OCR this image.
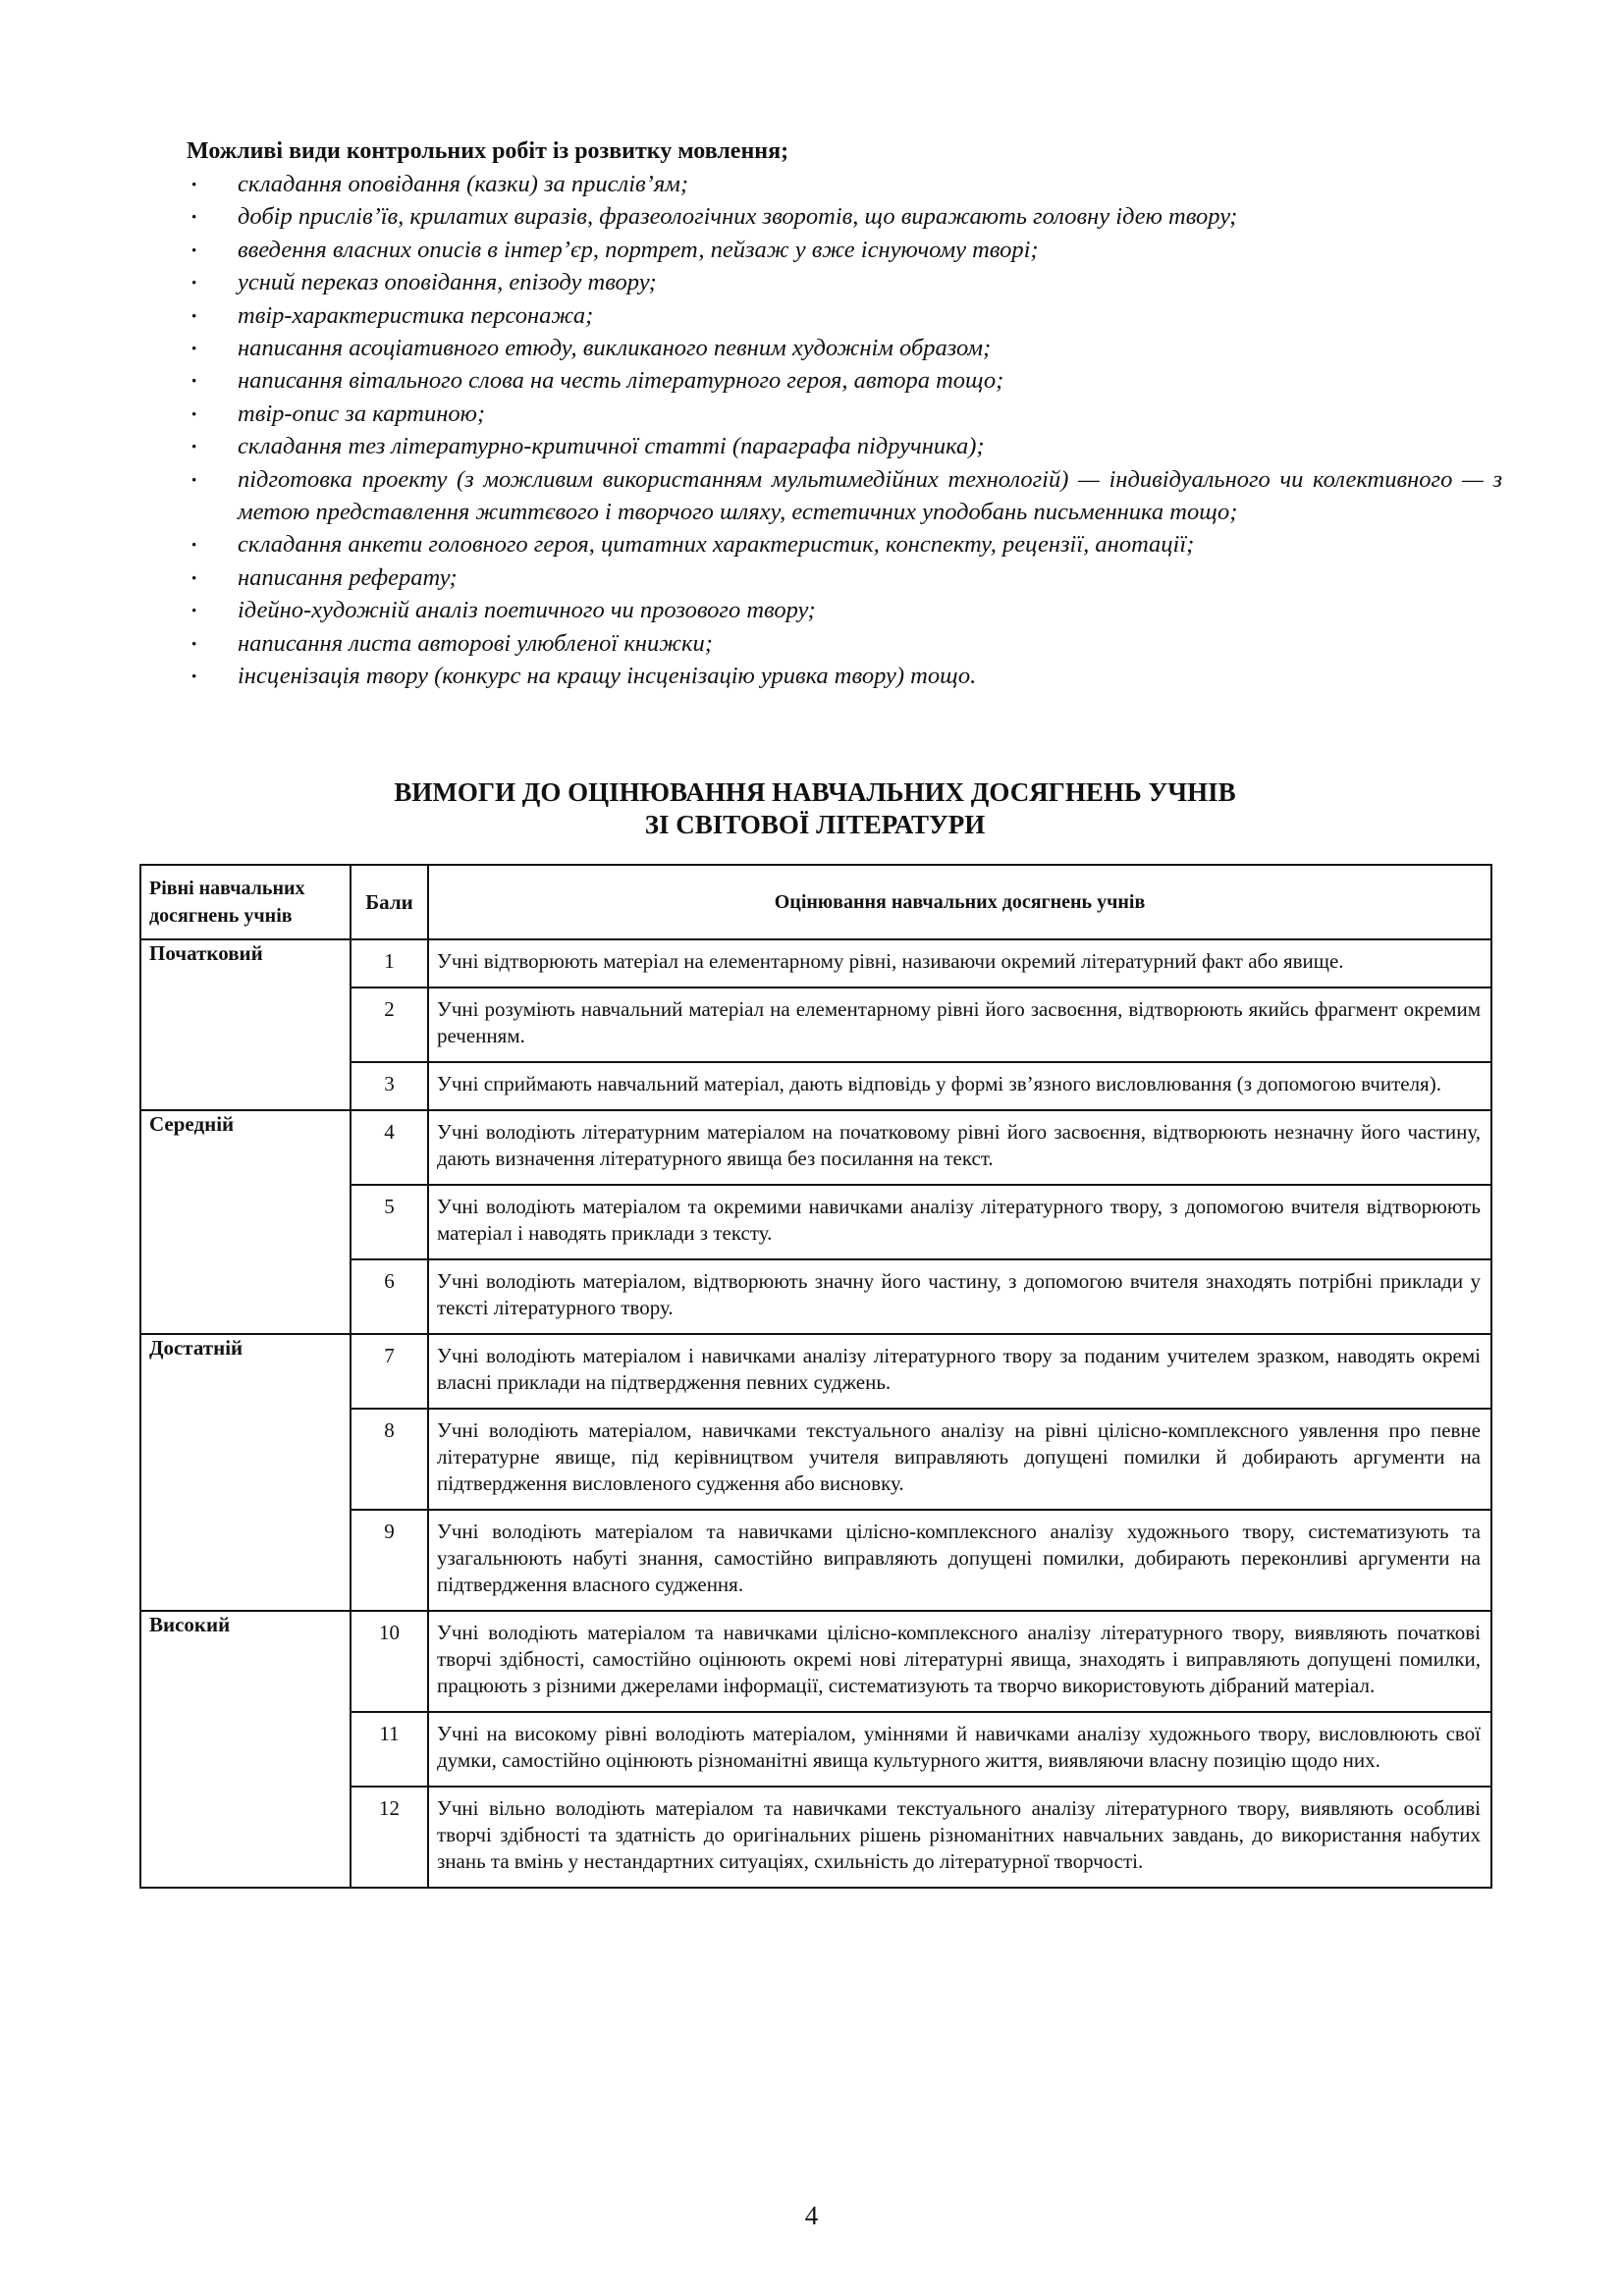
Можливі види контрольних робіт із розвитку мовлення;

· складання оповідання (казки) за прислів’ям;
· добір прислів’їв, крилатих виразів, фразеологічних зворотів, що виражають головну ідею твору;
· введення власних описів в інтер’єр, портрет, пейзаж у вже існуючому творі;
· усний переказ оповідання, епізоду твору;
· твір-характеристика персонажа;
· написання асоціативного етюду, викликаного певним художнім образом;
· написання вітального слова на честь літературного героя, автора тощо;
· твір-опис за картиною;
· складання тез літературно-критичної статті (параграфа підручника);
· підготовка проекту (з можливим використанням мультимедійних технологій) — індивідуального чи колективного — з метою представлення життєвого і творчого шляху, естетичних уподобань письменника тощо;
· складання анкети головного героя, цитатних характеристик, конспекту, рецензії, анотації;
· написання реферату;
· ідейно-художній аналіз поетичного чи прозового твору;
· написання листа авторові улюбленої книжки;
· інсценізація твору (конкурс на кращу інсценізацію уривка твору) тощо.
ВИМОГИ ДО ОЦІНЮВАННЯ НАВЧАЛЬНИХ ДОСЯГНЕНЬ УЧНІВ
ЗІ СВІТОВОЇ ЛІТЕРАТУРИ
Рівні навчальних досягнень учнів	Бали	Оцінювання навчальних досягнень учнів
Початковий	1	Учні відтворюють матеріал на елементарному рівні, називаючи окремий літературний факт або явище.
	2	Учні розуміють навчальний матеріал на елементарному рівні його засвоєння, відтворюють якийсь фрагмент окремим реченням.
	3	Учні сприймають навчальний матеріал, дають відповідь у формі зв’язного висловлювання (з допомогою вчителя).
Середній	4	Учні володіють літературним матеріалом на початковому рівні його засвоєння, відтворюють незначну його частину, дають визначення літературного явища без посилання на текст.
	5	Учні володіють матеріалом та окремими навичками аналізу літературного твору, з допомогою вчителя відтворюють матеріал і наводять приклади з тексту.
	6	Учні володіють матеріалом, відтворюють значну його частину, з допомогою вчителя знаходять потрібні приклади у тексті літературного твору.
Достатній	7	Учні володіють матеріалом і навичками аналізу літературного твору за поданим учителем зразком, наводять окремі власні приклади на підтвердження певних суджень.
	8	Учні володіють матеріалом, навичками текстуального аналізу на рівні цілісно-комплексного уявлення про певне літературне явище, під керівництвом учителя виправляють допущені помилки й добирають аргументи на підтвердження висловленого судження або висновку.
	9	Учні володіють матеріалом та навичками цілісно-комплексного аналізу художнього твору, систематизують та узагальнюють набуті знання, самостійно виправляють допущені помилки, добирають переконливі аргументи на підтвердження власного судження.
Високий	10	Учні володіють матеріалом та навичками цілісно-комплексного аналізу літературного твору, виявляють початкові творчі здібності, самостійно оцінюють окремі нові літературні явища, знаходять і виправляють допущені помилки, працюють з різними джерелами інформації, систематизують та творчо використовують дібраний матеріал.
	11	Учні на високому рівні володіють матеріалом, уміннями й навичками аналізу художнього твору, висловлюють свої думки, самостійно оцінюють різноманітні явища культурного життя, виявляючи власну позицію щодо них.
	12	Учні вільно володіють матеріалом та навичками текстуального аналізу літературного твору, виявляють особливі творчі здібності та здатність до оригінальних рішень різноманітних навчальних завдань, до використання набутих знань та вмінь у нестандартних ситуаціях, схильність до літературної творчості.
4
